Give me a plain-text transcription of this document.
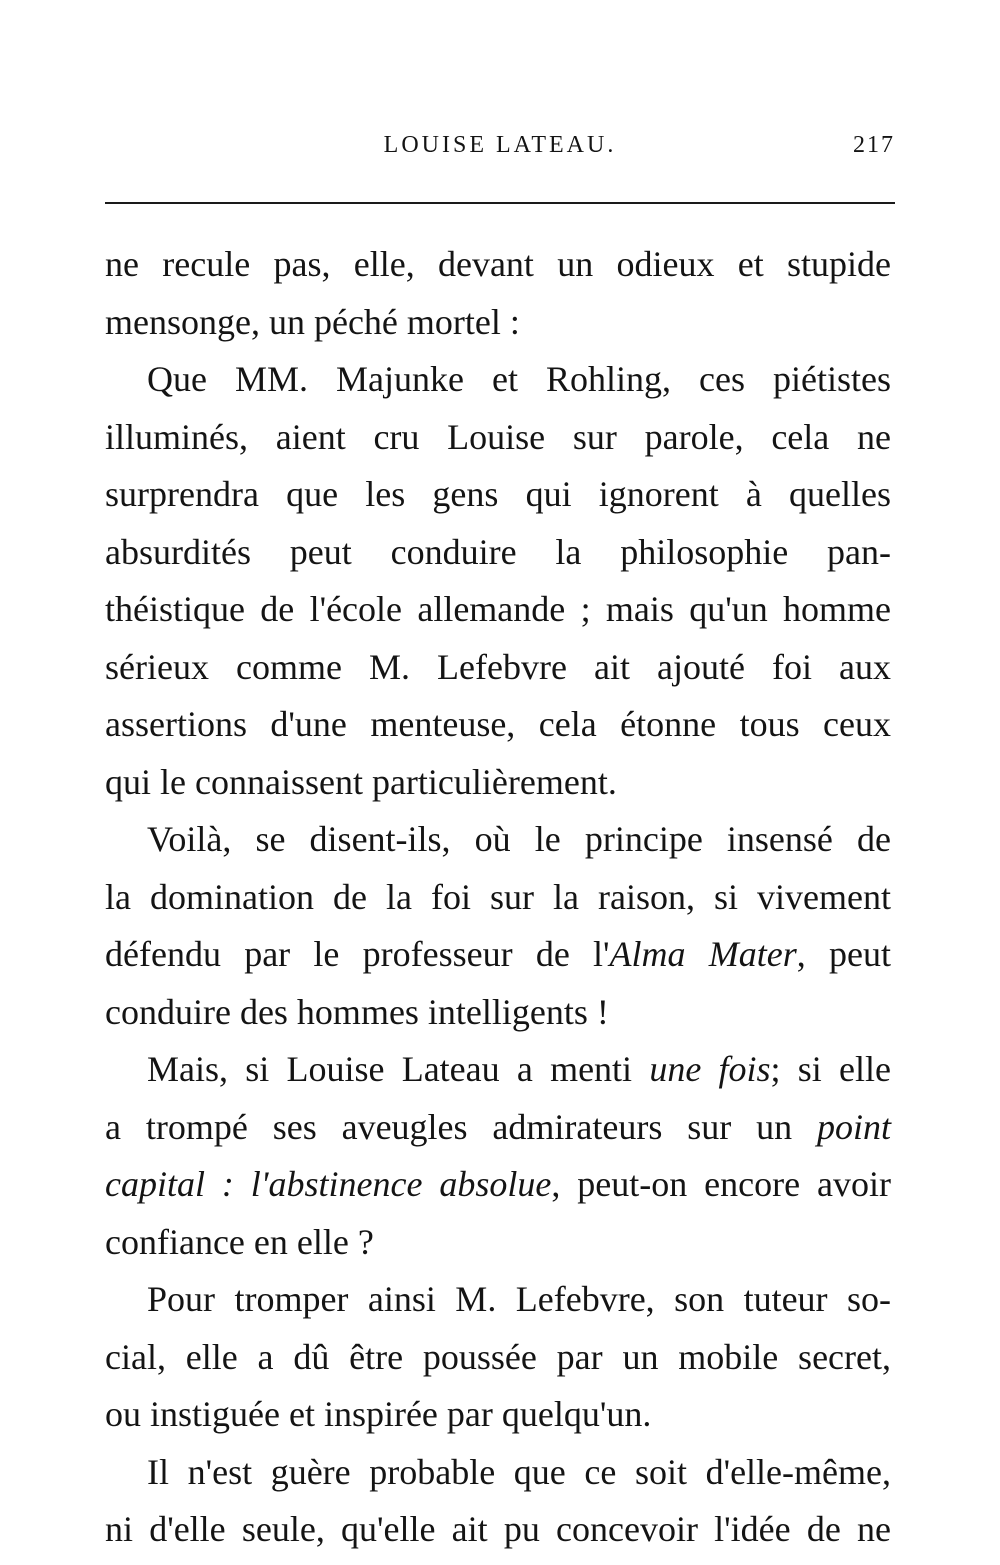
LOUISE LATEAU.	217
ne recule pas, elle, devant un odieux et stupide
mensonge, un péché mortel :
Que MM. Majunke et Rohling, ces piétistes
illuminés, aient cru Louise sur parole, cela ne
surprendra que les gens qui ignorent à quelles
absurdités peut conduire la philosophie pan-
théistique de l'école allemande ; mais qu'un homme
sérieux comme M. Lefebvre ait ajouté foi aux
assertions d'une menteuse, cela étonne tous ceux
qui le connaissent particulièrement.
Voilà, se disent-ils, où le principe insensé de
la domination de la foi sur la raison, si vivement
défendu par le professeur de l'Alma Mater, peut
conduire des hommes intelligents !
Mais, si Louise Lateau a menti une fois; si elle
a trompé ses aveugles admirateurs sur un point
capital : l'abstinence absolue, peut-on encore avoir
confiance en elle ?
Pour tromper ainsi M. Lefebvre, son tuteur so-
cial, elle a dû être poussée par un mobile secret,
ou instiguée et inspirée par quelqu'un.
Il n'est guère probable que ce soit d'elle-même,
ni d'elle seule, qu'elle ait pu concevoir l'idée de ne
